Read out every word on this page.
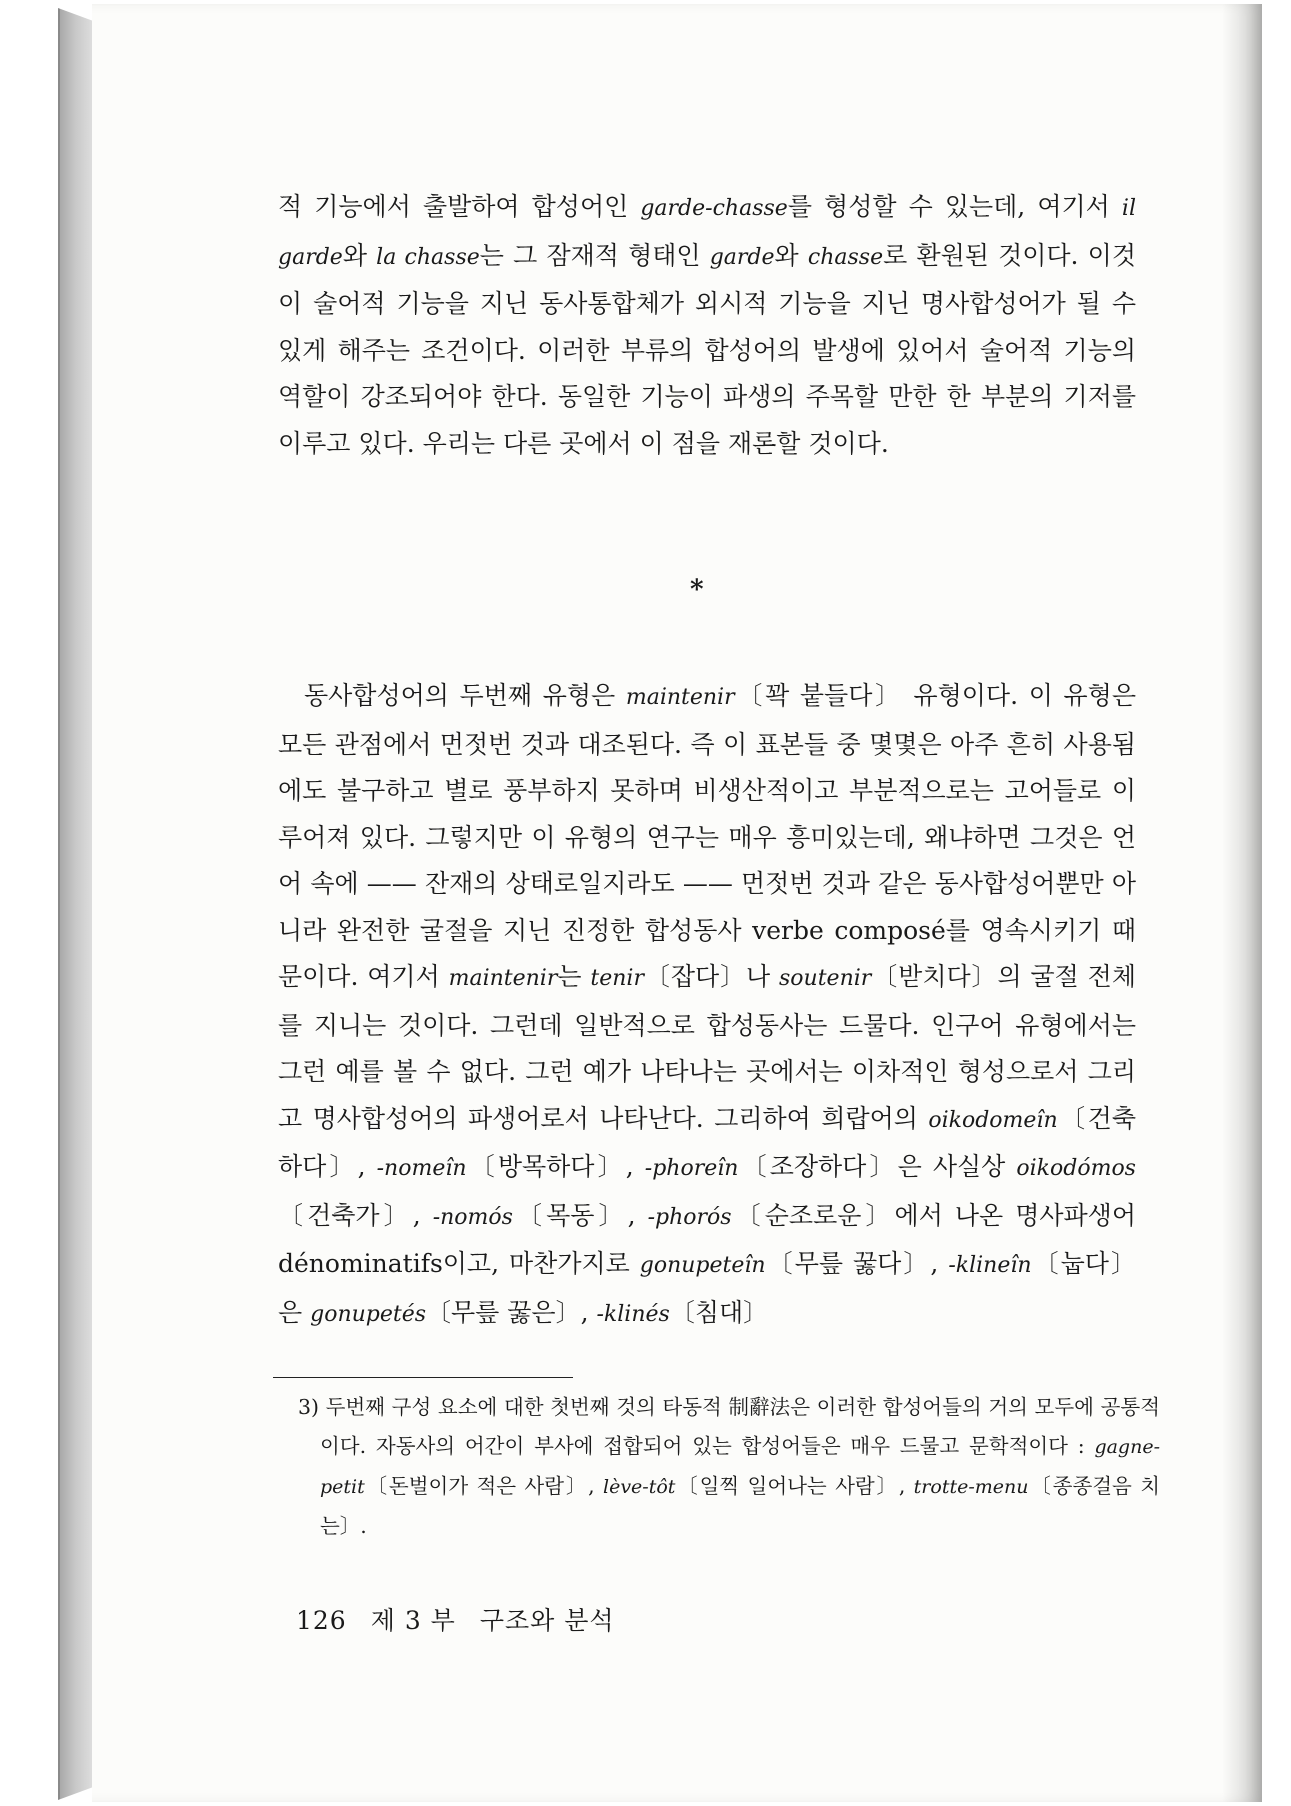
적 기능에서 출발하여 합성어인 garde-chasse를 형성할 수 있는데, 여기서 il garde와 la chasse는 그 잠재적 형태인 garde와 chasse로 환원된 것이다. 이것이 술어적 기능을 지닌 동사통합체가 외시적 기능을 지닌 명사합성어가 될 수 있게 해주는 조건이다. 이러한 부류의 합성어의 발생에 있어서 술어적 기능의 역할이 강조되어야 한다. 동일한 기능이 파생의 주목할 만한 한 부분의 기저를 이루고 있다. 우리는 다른 곳에서 이 점을 재론할 것이다.

*

동사합성어의 두번째 유형은 maintenir〔꽉 붙들다〕 유형이다. 이 유형은 모든 관점에서 먼젓번 것과 대조된다. 즉 이 표본들 중 몇몇은 아주 흔히 사용됨에도 불구하고 별로 풍부하지 못하며 비생산적이고 부분적으로는 고어들로 이루어져 있다. 그렇지만 이 유형의 연구는 매우 흥미있는데, 왜냐하면 그것은 언어 속에 —— 잔재의 상태로일지라도 —— 먼젓번 것과 같은 동사합성어뿐만 아니라 완전한 굴절을 지닌 진정한 합성동사 verbe composé를 영속시키기 때문이다. 여기서 maintenir는 tenir〔잡다〕나 soutenir〔받치다〕의 굴절 전체를 지니는 것이다. 그런데 일반적으로 합성동사는 드물다. 인구어 유형에서는 그런 예를 볼 수 없다. 그런 예가 나타나는 곳에서는 이차적인 형성으로서 그리고 명사합성어의 파생어로서 나타난다. 그리하여 희랍어의 oikodomeîn〔건축하다〕, -nomeîn〔방목하다〕, -phoreîn〔조장하다〕은 사실상 oikodómos〔건축가〕, -nomós〔목동〕, -phorós〔순조로운〕에서 나온 명사파생어dénominatifs이고, 마찬가지로 gonupeteîn〔무릎 꿇다〕, -klineîn〔눕다〕은 gonupetés〔무릎 꿇은〕, -klinés〔침대〕

3) 두번째 구성 요소에 대한 첫번째 것의 타동적 制辭法은 이러한 합성어들의 거의 모두에 공통적이다. 자동사의 어간이 부사에 접합되어 있는 합성어들은 매우 드물고 문학적이다 : gagne-petit〔돈벌이가 적은 사람〕, lève-tôt〔일찍 일어나는 사람〕, trotte-menu〔종종걸음 치는〕.
126 제 3 부 구조와 분석
